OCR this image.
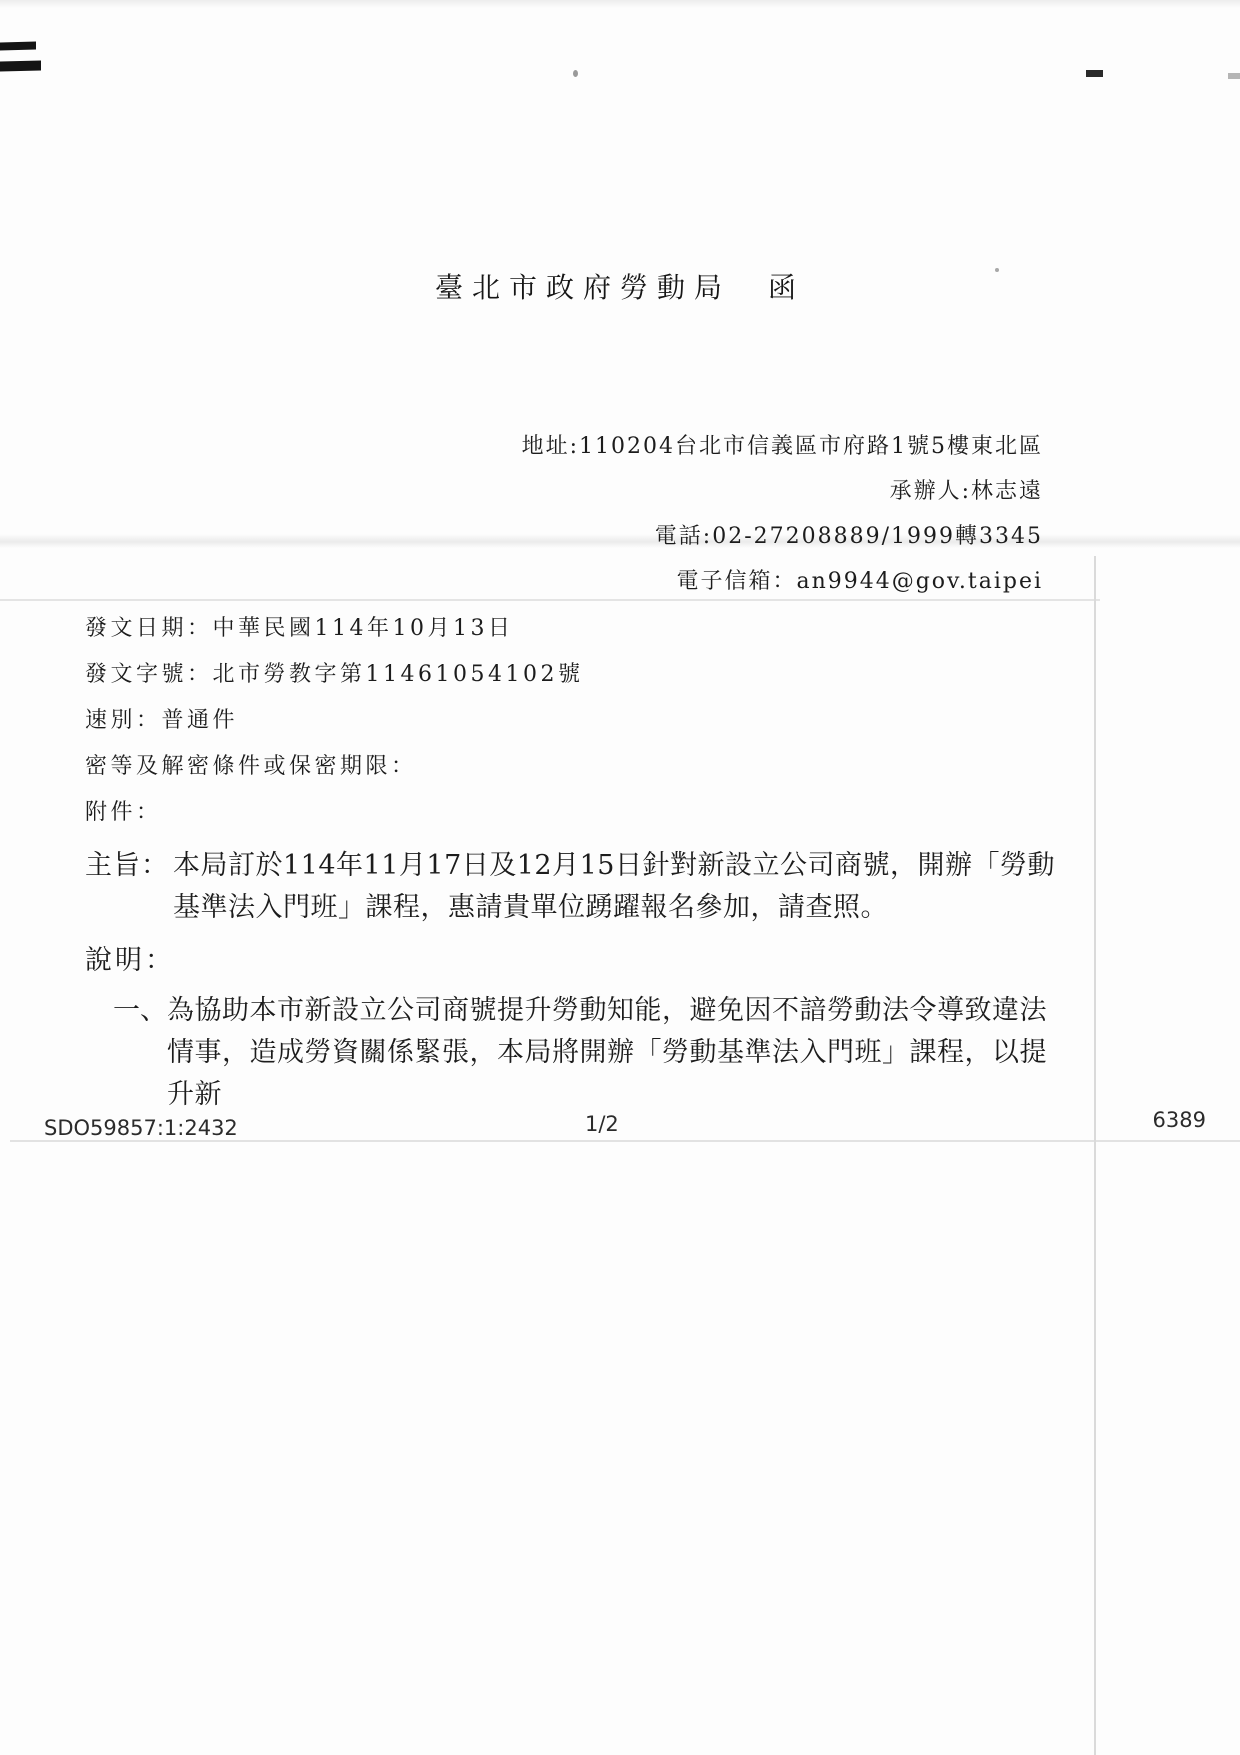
臺北市政府勞動局　函
地址:110204台北市信義區市府路1號5樓東北區
承辦人:林志遠
電話:02-27208889/1999轉3345
電子信箱：an9944@gov.taipei
發文日期：中華民國114年10月13日
發文字號：北市勞教字第11461054102號
速別：普通件
密等及解密條件或保密期限：
附件：
主旨： 本局訂於114年11月17日及12月15日針對新設立公司商號，開辦「勞動基準法入門班」課程，惠請貴單位踴躍報名參加，請查照。
說明：
一、 為協助本市新設立公司商號提升勞動知能，避免因不諳勞動法令導致違法情事，造成勞資關係緊張，本局將開辦「勞動基準法入門班」課程，以提升新
SDO59857:1:2432	1/2	6389
